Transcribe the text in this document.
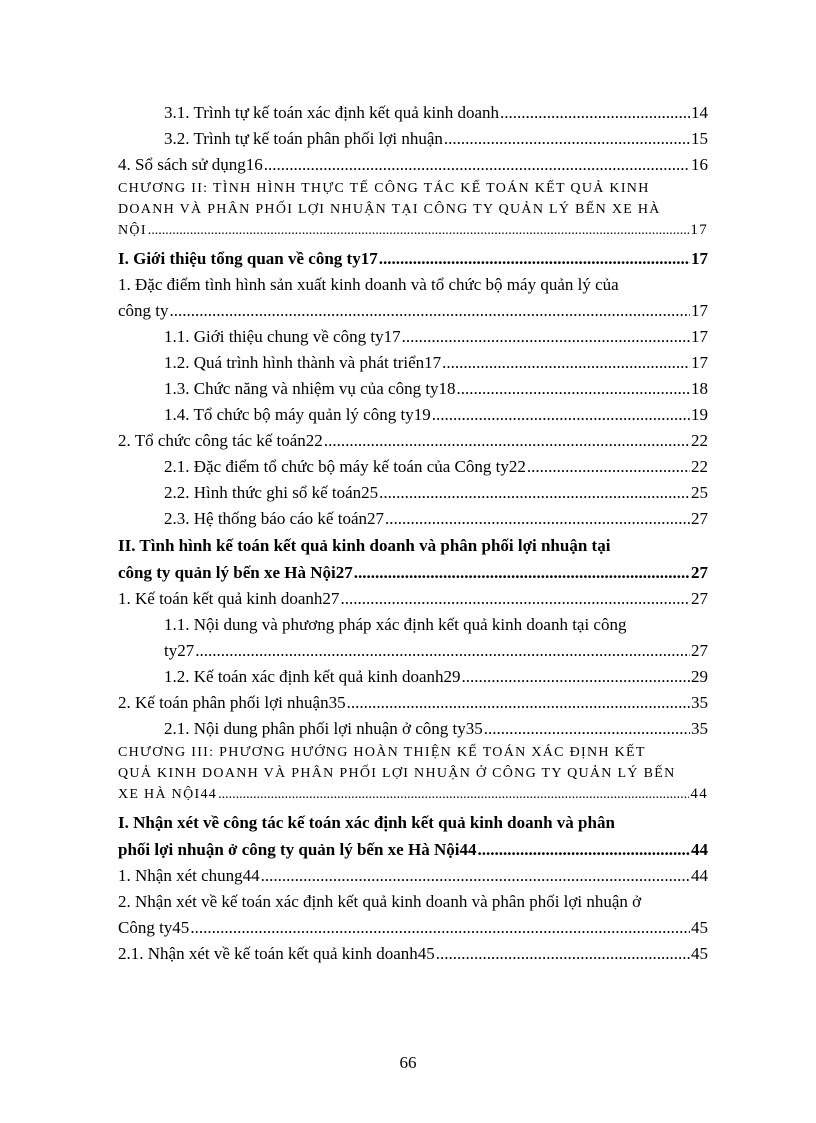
3.1. Trình tự kế toán xác định kết quả kinh doanh .....	14
3.2. Trình tự kế toán phân phối lợi nhuận .....	15
4. Sổ sách sử dụng16 .....	16
CHƯƠNG II: TÌNH HÌNH THỰC TẾ CÔNG TÁC KẾ TOÁN KẾT QUẢ KINH
DOANH VÀ PHÂN PHỐI LỢI NHUẬN TẠI CÔNG TY QUẢN LÝ BẾN XE HÀ
NỘI .....	17
I. Giới thiệu tổng quan về công ty17 .....	17
1. Đặc điểm tình hình sản xuất kinh doanh và tổ chức bộ máy quản lý của
công ty .....	17
1.1. Giới thiệu chung về công ty17 .....	17
1.2. Quá trình hình thành và phát triển17 .....	17
1.3. Chức năng và nhiệm vụ của công ty18 .....	18
1.4. Tổ chức bộ máy quản lý công ty19 .....	19
2. Tổ chức công tác kế toán22 .....	22
2.1. Đặc điểm tổ chức bộ máy kế toán của Công ty22 .....	22
2.2. Hình thức ghi sổ kế toán25 .....	25
2.3. Hệ thống báo cáo kế toán27 .....	27
II. Tình hình kế toán kết quả kinh doanh và phân phối lợi nhuận tại
công ty quản lý bến xe Hà Nội27 .....	27
1. Kế toán kết quả kinh doanh27 .....	27
1.1. Nội dung và phương pháp xác định kết quả kinh doanh tại công
ty27 .....	27
1.2. Kế toán xác định kết quả kinh doanh29 .....	29
2. Kế toán phân phối lợi nhuận35 .....	35
2.1. Nội dung phân phối lợi nhuận ở công ty35 .....	35
CHƯƠNG III: PHƯƠNG HƯỚNG HOÀN THIỆN KẾ TOÁN XÁC ĐỊNH KẾT
QUẢ KINH DOANH VÀ PHÂN PHỐI LỢI NHUẬN Ở CÔNG TY QUẢN LÝ BẾN
XE HÀ NỘI44 .....	44
I. Nhận xét về công tác kế toán xác định kết quả kinh doanh và phân
phối lợi nhuận ở công ty quản lý bến xe Hà Nội44 .....	44
1. Nhận xét chung44 .....	44
2. Nhận xét về kế toán xác định kết quả kinh doanh và phân phối lợi nhuận ở
Công ty45 .....	45
2.1. Nhận xét về kế toán kết quả kinh doanh45 .....	45
66
